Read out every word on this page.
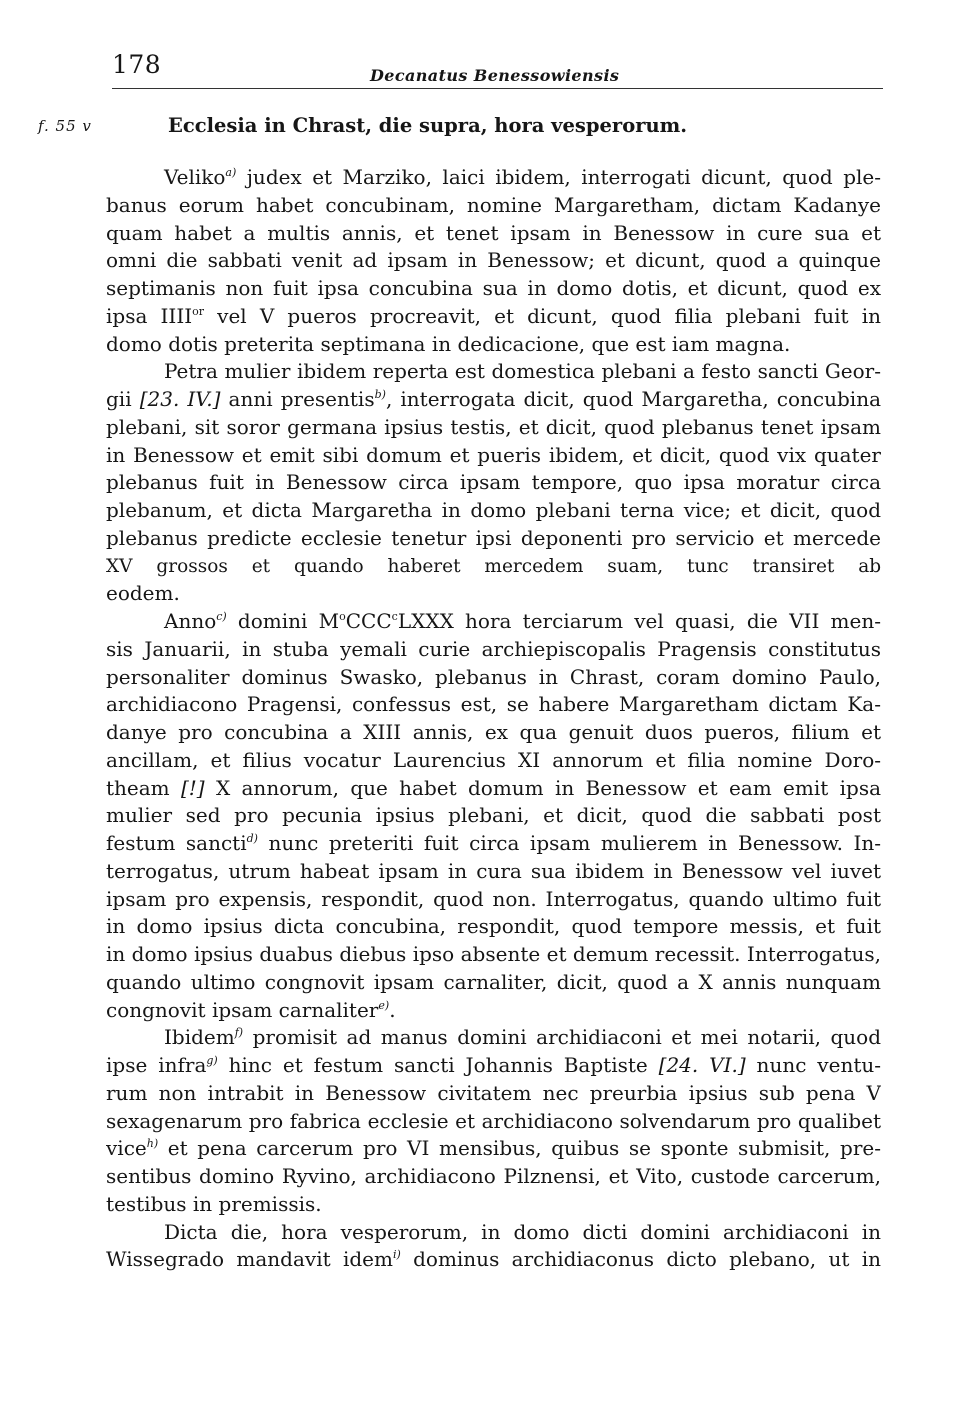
178	Decanatus Benessowiensis
f. 55 v	Ecclesia in Chrast, die supra, hora vesperorum.
Veliko$^{a)}$ judex et Marziko, laici ibidem, interrogati dicunt, quod ple-
banus eorum habet concubinam, nomine Margaretham, dictam Kadanye
quam habet a multis annis, et tenet ipsam in Benessow in cure sua et
omni die sabbati venit ad ipsam in Benessow; et dicunt, quod a quinque
septimanis non fuit ipsa concubina sua in domo dotis, et dicunt, quod ex
ipsa $IIII^{or}$ vel V pueros procreavit, et dicunt, quod filia plebani fuit in
domo dotis preterita septimana in dedicacione, que est iam magna.
Petra mulier ibidem reperta est domestica plebani a festo sancti Geor-
gii [23. IV.] anni presentis$^{b)}$, interrogata dicit, quod Margaretha, concubina
plebani, sit soror germana ipsius testis, et dicit, quod plebanus tenet ipsam
in Benessow et emit sibi domum et pueris ibidem, et dicit, quod vix quater
plebanus fuit in Benessow circa ipsam tempore, quo ipsa moratur circa
plebanum, et dicta Margaretha in domo plebani terna vice; et dicit, quod
plebanus predicte ecclesie tenetur ipsi deponenti pro servicio et mercede
XV grossos et quando haberet mercedem suam, tunc transiret ab
eodem.
Anno$^{c)}$ domini $M^oCCC^cLXXX$ hora terciarum vel quasi, die VII men-
sis Januarii, in stuba yemali curie archiepiscopalis Pragensis constitutus
personaliter dominus Swasko, plebanus in Chrast, coram domino Paulo,
archidiacono Pragensi, confessus est, se habere Margaretham dictam Ka-
danye pro concubina a XIII annis, ex qua genuit duos pueros, filium et
ancillam, et filius vocatur Laurencius XI annorum et filia nomine Doro-
theam [!] X annorum, que habet domum in Benessow et eam emit ipsa
mulier sed pro pecunia ipsius plebani, et dicit, quod die sabbati post
festum sancti$^{d)}$ nunc preteriti fuit circa ipsam mulierem in Benessow. In-
terrogatus, utrum habeat ipsam in cura sua ibidem in Benessow vel iuvet
ipsam pro expensis, respondit, quod non. Interrogatus, quando ultimo fuit
in domo ipsius dicta concubina, respondit, quod tempore messis, et fuit
in domo ipsius duabus diebus ipso absente et demum recessit. Interrogatus,
quando ultimo congnovit ipsam carnaliter, dicit, quod a X annis nunquam
congnovit ipsam carnaliter$^{e)}$.
Ibidem$^{f)}$ promisit ad manus domini archidiaconi et mei notarii, quod
ipse infra$^{g)}$ hinc et festum sancti Johannis Baptiste [24. VI.] nunc ventu-
rum non intrabit in Benessow civitatem nec preurbia ipsius sub pena V
sexagenarum pro fabrica ecclesie et archidiacono solvendarum pro qualibet
vice$^{h)}$ et pena carcerum pro VI mensibus, quibus se sponte submisit, pre-
sentibus domino Ryvino, archidiacono Pilznensi, et Vito, custode carcerum,
testibus in premissis.
Dicta die, hora vesperorum, in domo dicti domini archidiaconi in
Wissegrado mandavit idem$^{i)}$ dominus archidiaconus dicto plebano, ut in
